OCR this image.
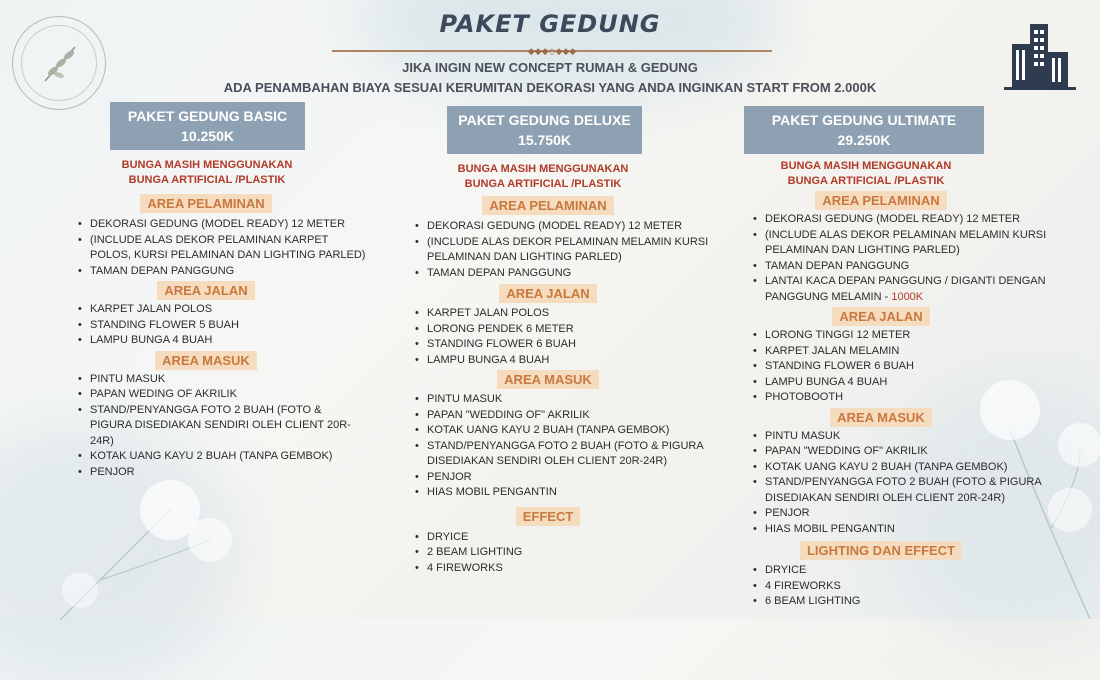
PAKET GEDUNG
◆◆◆◇◆◆◆
JIKA INGIN NEW CONCEPT RUMAH & GEDUNG
ADA PENAMBAHAN BIAYA SESUAI KERUMITAN DEKORASI YANG ANDA INGINKAN START FROM 2.000K
PAKET GEDUNG BASIC
10.250K
BUNGA MASIH MENGGUNAKAN
BUNGA ARTIFICIAL /PLASTIK
AREA PELAMINAN
• DEKORASI GEDUNG (MODEL READY) 12 METER
• (INCLUDE ALAS DEKOR PELAMINAN KARPET POLOS, KURSI PELAMINAN DAN LIGHTING PARLED)
• TAMAN DEPAN PANGGUNG
AREA JALAN
• KARPET JALAN POLOS
• STANDING FLOWER 5 BUAH
• LAMPU BUNGA 4 BUAH
AREA MASUK
• PINTU MASUK
• PAPAN WEDING OF AKRILIK
• STAND/PENYANGGA FOTO 2 BUAH (FOTO & PIGURA DISEDIAKAN SENDIRI OLEH CLIENT 20R-24R)
• KOTAK UANG KAYU 2 BUAH (TANPA GEMBOK)
• PENJOR
PAKET GEDUNG DELUXE
15.750K
BUNGA MASIH MENGGUNAKAN
BUNGA ARTIFICIAL /PLASTIK
AREA PELAMINAN
• DEKORASI GEDUNG (MODEL READY) 12 METER
• (INCLUDE ALAS DEKOR PELAMINAN MELAMIN KURSI PELAMINAN DAN LIGHTING PARLED)
• TAMAN DEPAN PANGGUNG
AREA JALAN
• KARPET JALAN POLOS
• LORONG PENDEK 6 METER
• STANDING FLOWER 6 BUAH
• LAMPU BUNGA 4 BUAH
AREA MASUK
• PINTU MASUK
• PAPAN "WEDDING OF" AKRILIK
• KOTAK UANG KAYU 2 BUAH (TANPA GEMBOK)
• STAND/PENYANGGA FOTO 2 BUAH (FOTO & PIGURA DISEDIAKAN SENDIRI OLEH CLIENT 20R-24R)
• PENJOR
• HIAS MOBIL PENGANTIN
EFFECT
• DRYICE
• 2 BEAM LIGHTING
• 4 FIREWORKS
PAKET GEDUNG ULTIMATE
29.250K
BUNGA MASIH MENGGUNAKAN
BUNGA ARTIFICIAL /PLASTIK
AREA PELAMINAN
• DEKORASI GEDUNG (MODEL READY) 12 METER
• (INCLUDE ALAS DEKOR PELAMINAN MELAMIN KURSI PELAMINAN DAN LIGHTING PARLED)
• TAMAN DEPAN PANGGUNG
• LANTAI KACA DEPAN PANGGUNG / DIGANTI DENGAN PANGGUNG MELAMIN - 1000K
AREA JALAN
• LORONG TINGGI 12 METER
• KARPET JALAN MELAMIN
• STANDING FLOWER 6 BUAH
• LAMPU BUNGA 4 BUAH
• PHOTOBOOTH
AREA MASUK
• PINTU MASUK
• PAPAN "WEDDING OF" AKRILIK
• KOTAK UANG KAYU 2 BUAH (TANPA GEMBOK)
• STAND/PENYANGGA FOTO 2 BUAH (FOTO & PIGURA DISEDIAKAN SENDIRI OLEH CLIENT 20R-24R)
• PENJOR
• HIAS MOBIL PENGANTIN
LIGHTING DAN EFFECT
• DRYICE
• 4 FIREWORKS
• 6 BEAM LIGHTING
